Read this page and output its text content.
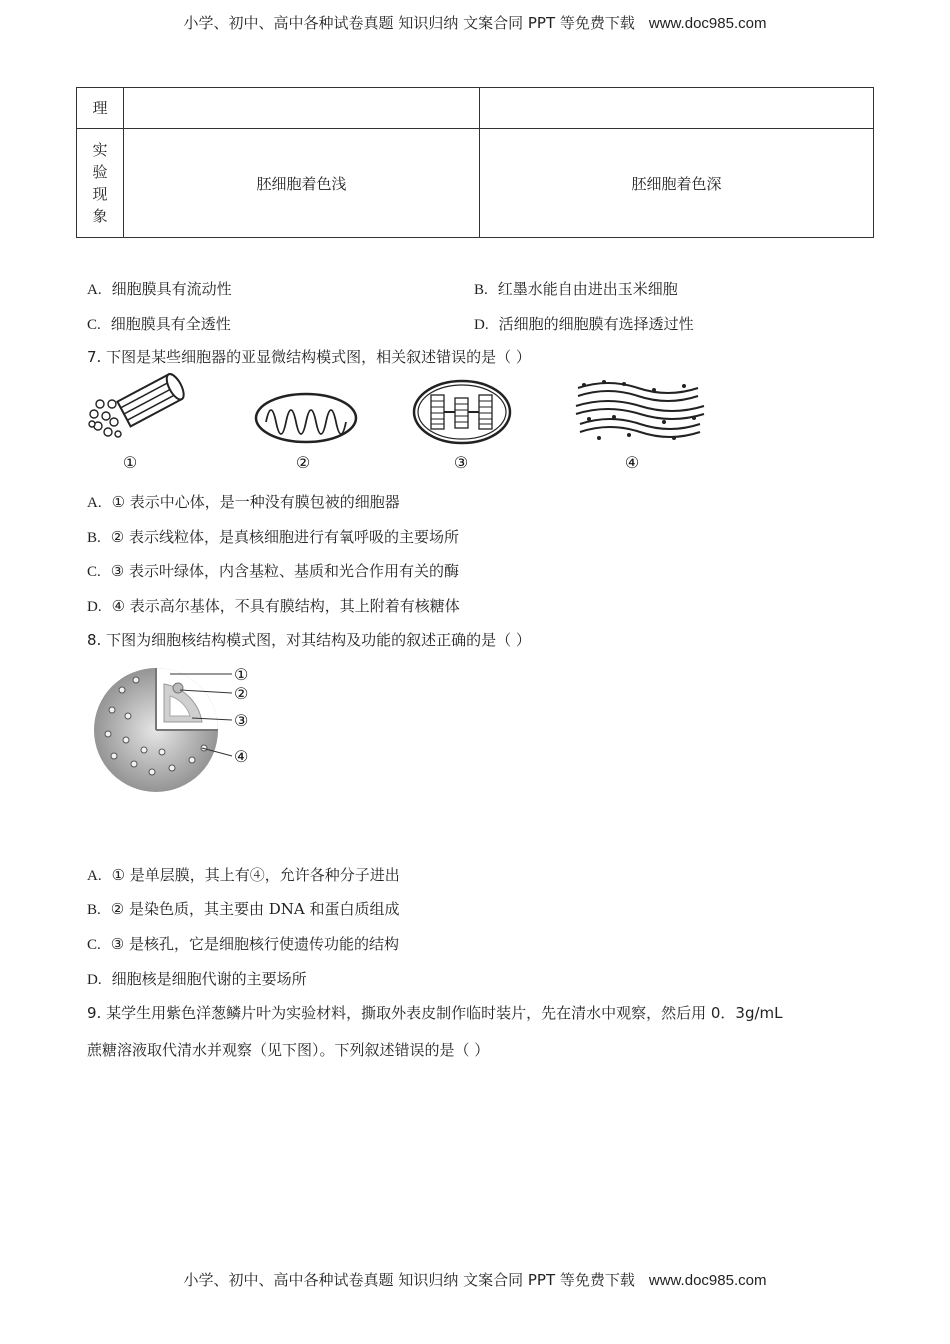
小学、初中、高中各种试卷真题 知识归纳 文案合同 PPT 等免费下载 www.doc985.com
理		
实验现象	胚细胞着色浅	胚细胞着色深
A. 细胞膜具有流动性	B. 红墨水能自由进出玉米细胞
C. 细胞膜具有全透性	D. 活细胞的细胞膜有选择透过性
7. 下图是某些细胞器的亚显微结构模式图，相关叙述错误的是（ ）
①	②	③	④
A. ① 表示中心体，是一种没有膜包被的细胞器
B. ② 表示线粒体，是真核细胞进行有氧呼吸的主要场所
C. ③ 表示叶绿体，内含基粒、基质和光合作用有关的酶
D. ④ 表示高尔基体，不具有膜结构，其上附着有核糖体
8. 下图为细胞核结构模式图，对其结构及功能的叙述正确的是（ ）
①
②
③
④
A. ① 是单层膜，其上有④，允许各种分子进出
B. ② 是染色质，其主要由 DNA 和蛋白质组成
C. ③ 是核孔，它是细胞核行使遗传功能的结构
D. 细胞核是细胞代谢的主要场所
9. 某学生用紫色洋葱鳞片叶为实验材料，撕取外表皮制作临时装片，先在清水中观察，然后用 0．3g/mL
蔗糖溶液取代清水并观察（见下图）。下列叙述错误的是（ ）
小学、初中、高中各种试卷真题 知识归纳 文案合同 PPT 等免费下载 www.doc985.com
